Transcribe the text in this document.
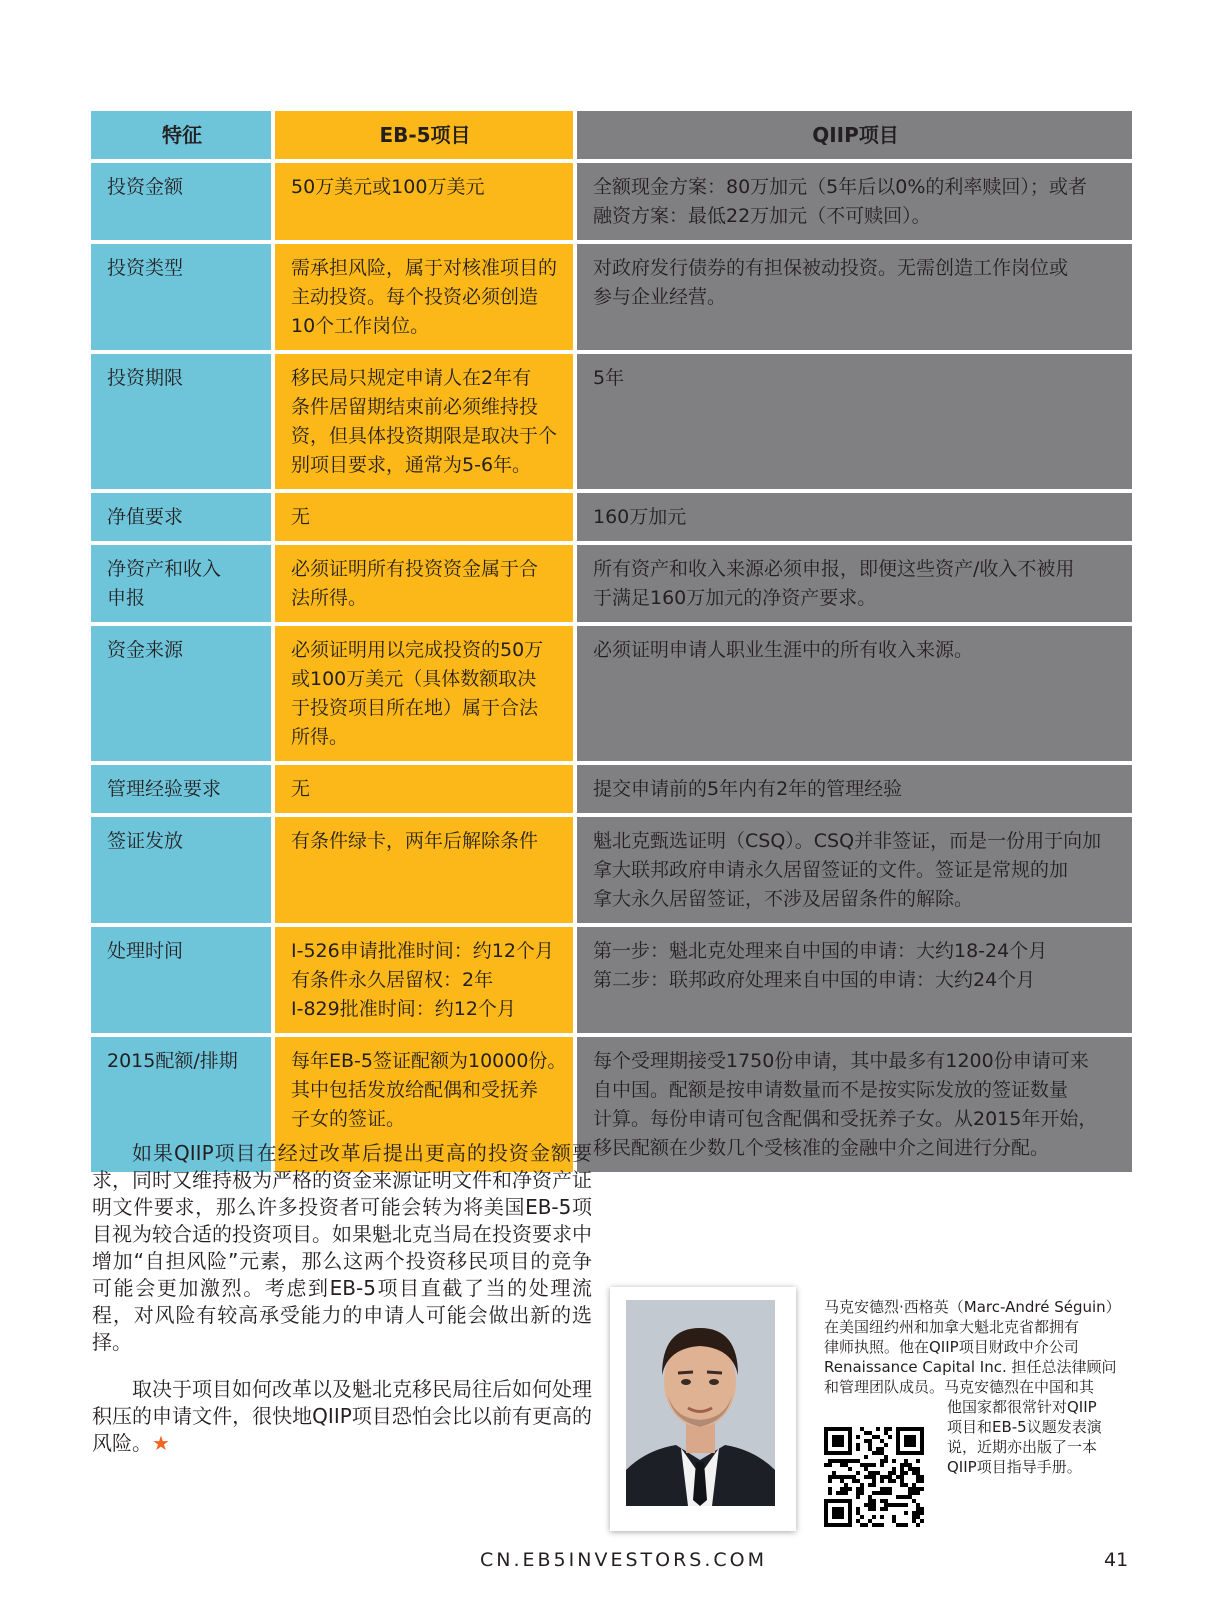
特征	EB-5项目	QIIP项目

投资金额	50万美元或100万美元	全额现金方案：80万加元（5年后以0%的利率赎回）；或者
融资方案：最低22万加元（不可赎回）。

投资类型	需承担风险，属于对核准项目的
主动投资。每个投资必须创造
10个工作岗位。	对政府发行债券的有担保被动投资。无需创造工作岗位或
参与企业经营。

投资期限	移民局只规定申请人在2年有
条件居留期结束前必须维持投
资，但具体投资期限是取决于个
别项目要求，通常为5-6年。	5年

净值要求	无	160万加元

净资产和收入
申报	必须证明所有投资资金属于合
法所得。	所有资产和收入来源必须申报，即便这些资产/收入不被用
于满足160万加元的净资产要求。

资金来源	必须证明用以完成投资的50万
或100万美元（具体数额取决
于投资项目所在地）属于合法
所得。	必须证明申请人职业生涯中的所有收入来源。

管理经验要求	无	提交申请前的5年内有2年的管理经验

签证发放	有条件绿卡，两年后解除条件	魁北克甄选证明（CSQ）。CSQ并非签证，而是一份用于向加
拿大联邦政府申请永久居留签证的文件。签证是常规的加
拿大永久居留签证，不涉及居留条件的解除。

处理时间	I-526申请批准时间：约12个月
有条件永久居留权：2年
I-829批准时间：约12个月	第一步：魁北克处理来自中国的申请：大约18-24个月
第二步：联邦政府处理来自中国的申请：大约24个月

2015配额/排期	每年EB-5签证配额为10000份。
其中包括发放给配偶和受抚养
子女的签证。	每个受理期接受1750份申请，其中最多有1200份申请可来
自中国。配额是按申请数量而不是按实际发放的签证数量
计算。每份申请可包含配偶和受抚养子女。从2015年开始，
移民配额在少数几个受核准的金融中介之间进行分配。

如果QIIP项目在经过改革后提出更高的投资金额要求，同时又维持极为严格的资金来源证明文件和净资产证明文件要求，那么许多投资者可能会转为将美国EB-5项目视为较合适的投资项目。如果魁北克当局在投资要求中增加“自担风险”元素，那么这两个投资移民项目的竞争可能会更加激烈。考虑到EB-5项目直截了当的处理流程，对风险有较高承受能力的申请人可能会做出新的选择。

取决于项目如何改革以及魁北克移民局往后如何处理积压的申请文件，很快地QIIP项目恐怕会比以前有更高的风险。★

马克安德烈·西格英（Marc-André Séguin）
在美国纽约州和加拿大魁北克省都拥有
律师执照。他在QIIP项目财政中介公司
Renaissance Capital Inc. 担任总法律顾问
和管理团队成员。马克安德烈在中国和其
他国家都很常针对QIIP
项目和EB-5议题发表演
说，近期亦出版了一本
QIIP项目指导手册。
CN.EB5INVESTORS.COM	41
